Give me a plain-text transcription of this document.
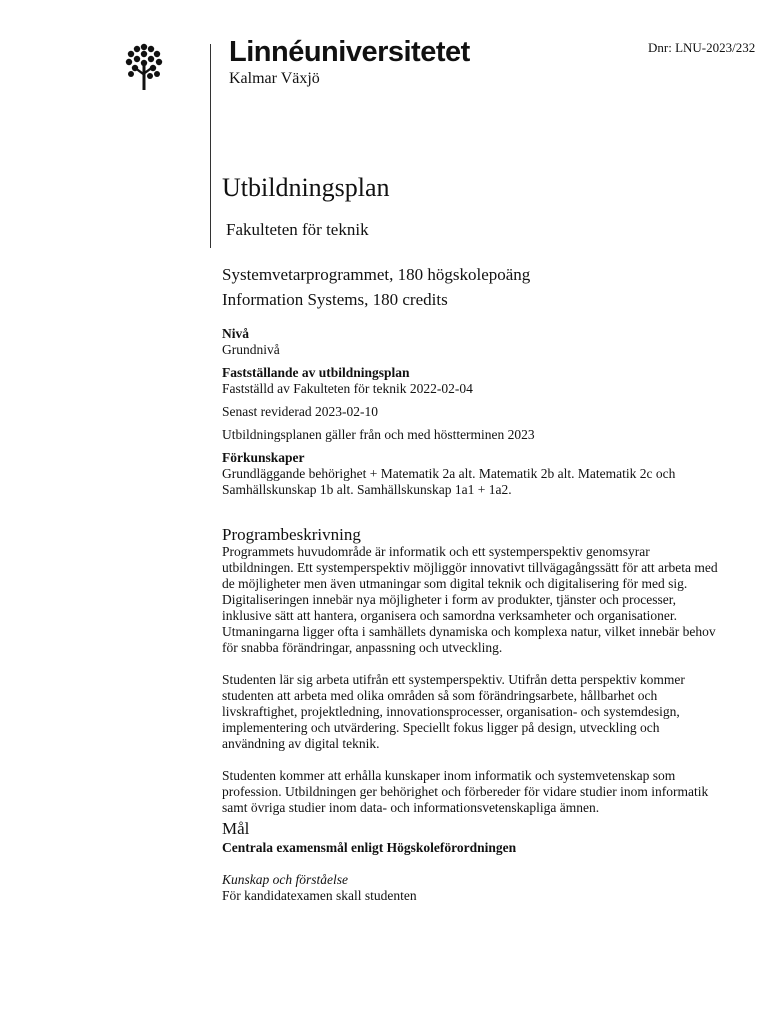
Dnr: LNU-2023/232
Linnéuniversitetet
Kalmar Växjö
Utbildningsplan
Fakulteten för teknik
Systemvetarprogrammet, 180 högskolepoäng
Information Systems, 180 credits
Nivå
Grundnivå
Fastställande av utbildningsplan
Fastställd av Fakulteten för teknik 2022-02-04
Senast reviderad 2023-02-10
Utbildningsplanen gäller från och med höstterminen 2023
Förkunskaper
Grundläggande behörighet + Matematik 2a alt. Matematik 2b alt. Matematik 2c och Samhällskunskap 1b alt. Samhällskunskap 1a1 + 1a2.
Programbeskrivning

Programmets huvudområde är informatik och ett systemperspektiv genomsyrar utbildningen. Ett systemperspektiv möjliggör innovativt tillvägagångssätt för att arbeta med de möjligheter men även utmaningar som digital teknik och digitalisering för med sig. Digitaliseringen innebär nya möjligheter i form av produkter, tjänster och processer, inklusive sätt att hantera, organisera och samordna verksamheter och organisationer. Utmaningarna ligger ofta i samhällets dynamiska och komplexa natur, vilket innebär behov för snabba förändringar, anpassning och utveckling.

Studenten lär sig arbeta utifrån ett systemperspektiv. Utifrån detta perspektiv kommer studenten att arbeta med olika områden så som förändringsarbete, hållbarhet och livskraftighet, projektledning, innovationsprocesser, organisation- och systemdesign, implementering och utvärdering. Speciellt fokus ligger på design, utveckling och användning av digital teknik.

Studenten kommer att erhålla kunskaper inom informatik och systemvetenskap som profession. Utbildningen ger behörighet och förbereder för vidare studier inom informatik samt övriga studier inom data- och informationsvetenskapliga ämnen.

Mål
Centrala examensmål enligt Högskoleförordningen
Kunskap och förståelse
För kandidatexamen skall studenten
